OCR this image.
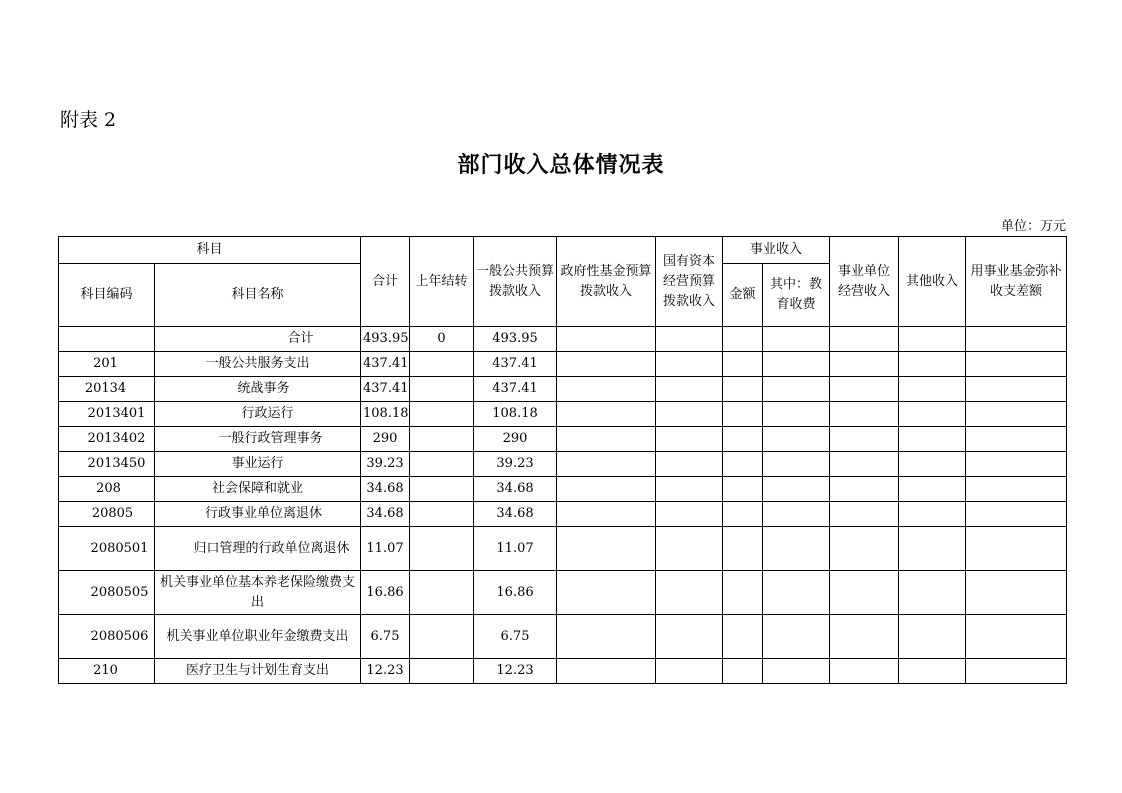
附表 2
部门收入总体情况表
单位：万元
科目		合计	上年结转	一般公共预算拨款收入	政府性基金预算拨款收入	国有资本经营预算拨款收入	事业收入		事业单位经营收入	其他收入	用事业基金弥补收支差额
科目编码	科目名称						金额	其中：教育收费			
	合计	493.95	0	493.95							
201	一般公共服务支出	437.41		437.41							
20134	统战事务	437.41		437.41							
2013401	行政运行	108.18		108.18							
2013402	一般行政管理事务	290		290							
2013450	事业运行	39.23		39.23							
208	社会保障和就业	34.68		34.68							
20805	行政事业单位离退休	34.68		34.68							
2080501	归口管理的行政单位离退休	11.07		11.07							
2080505	机关事业单位基本养老保险缴费支出	16.86		16.86							
2080506	机关事业单位职业年金缴费支出	6.75		6.75							
210	医疗卫生与计划生育支出	12.23		12.23							
